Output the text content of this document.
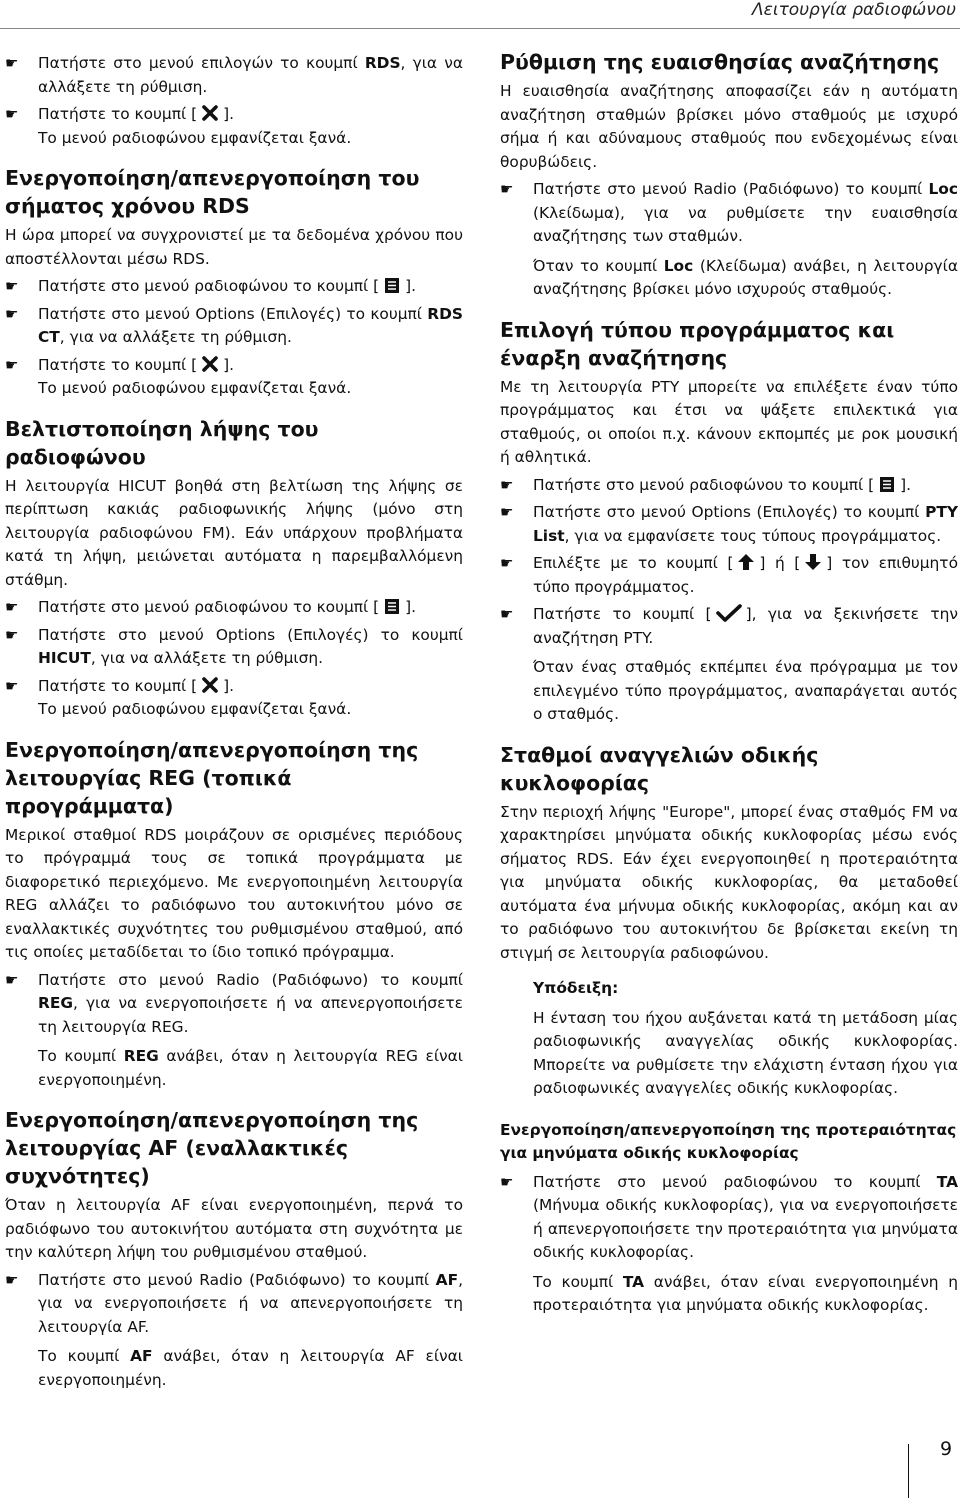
Λειτουργία ραδιοφώνου

☛ Πατήστε στο μενού επιλογών το κουμπί RDS, για να αλλάξετε τη ρύθμιση.

☛ Πατήστε το κουμπί [ ].
Το μενού ραδιοφώνου εμφανίζεται ξανά.

Ενεργοποίηση/απενεργοποίηση του σήματος χρόνου RDS

Η ώρα μπορεί να συγχρονιστεί με τα δεδομένα χρόνου που αποστέλλονται μέσω RDS.

☛ Πατήστε στο μενού ραδιοφώνου το κουμπί [ ].

☛ Πατήστε στο μενού Options (Επιλογές) το κουμπί RDS CT, για να αλλάξετε τη ρύθμιση.

☛ Πατήστε το κουμπί [ ].
Το μενού ραδιοφώνου εμφανίζεται ξανά.

Βελτιστοποίηση λήψης του ραδιοφώνου

Η λειτουργία HICUT βοηθά στη βελτίωση της λήψης σε περίπτωση κακιάς ραδιοφωνικής λήψης (μόνο στη λειτουργία ραδιοφώνου FM). Εάν υπάρχουν προβλήματα κατά τη λήψη, μειώνεται αυτόματα η παρεμβαλλόμενη στάθμη.

☛ Πατήστε στο μενού ραδιοφώνου το κουμπί [ ].

☛ Πατήστε στο μενού Options (Επιλογές) το κουμπί HICUT, για να αλλάξετε τη ρύθμιση.

☛ Πατήστε το κουμπί [ ].
Το μενού ραδιοφώνου εμφανίζεται ξανά.

Ενεργοποίηση/απενεργοποίηση της λειτουργίας REG (τοπικά προγράμματα)

Μερικοί σταθμοί RDS μοιράζουν σε ορισμένες περιόδους το πρόγραμμά τους σε τοπικά προγράμματα με διαφορετικό περιεχόμενο. Με ενεργοποιημένη λειτουργία REG αλλάζει το ραδιόφωνο του αυτοκινήτου μόνο σε εναλλακτικές συχνότητες του ρυθμισμένου σταθμού, από τις οποίες μεταδίδεται το ίδιο τοπικό πρόγραμμα.

☛ Πατήστε στο μενού Radio (Ραδιόφωνο) το κουμπί REG, για να ενεργοποιήσετε ή να απενεργοποιήσετε τη λειτουργία REG.

Το κουμπί REG ανάβει, όταν η λειτουργία REG είναι ενεργοποιημένη.

Ενεργοποίηση/απενεργοποίηση της λειτουργίας AF (εναλλακτικές συχνότητες)

Όταν η λειτουργία AF είναι ενεργοποιημένη, περνά το ραδιόφωνο του αυτοκινήτου αυτόματα στη συχνότητα με την καλύτερη λήψη του ρυθμισμένου σταθμού.

☛ Πατήστε στο μενού Radio (Ραδιόφωνο) το κουμπί AF, για να ενεργοποιήσετε ή να απενεργοποιήσετε τη λειτουργία AF.

Το κουμπί AF ανάβει, όταν η λειτουργία AF είναι ενεργοποιημένη.

Ρύθμιση της ευαισθησίας αναζήτησης

Η ευαισθησία αναζήτησης αποφασίζει εάν η αυτόματη αναζήτηση σταθμών βρίσκει μόνο σταθμούς με ισχυρό σήμα ή και αδύναμους σταθμούς που ενδεχομένως είναι θορυβώδεις.

☛ Πατήστε στο μενού Radio (Ραδιόφωνο) το κουμπί Loc (Κλείδωμα), για να ρυθμίσετε την ευαισθησία αναζήτησης των σταθμών.

Όταν το κουμπί Loc (Κλείδωμα) ανάβει, η λειτουργία αναζήτησης βρίσκει μόνο ισχυρούς σταθμούς.

Επιλογή τύπου προγράμματος και έναρξη αναζήτησης

Με τη λειτουργία PTY μπορείτε να επιλέξετε έναν τύπο προγράμματος και έτσι να ψάξετε επιλεκτικά για σταθμούς, οι οποίοι π.χ. κάνουν εκπομπές με ροκ μουσική ή αθλητικά.

☛ Πατήστε στο μενού ραδιοφώνου το κουμπί [ ].

☛ Πατήστε στο μενού Options (Επιλογές) το κουμπί PTY List, για να εμφανίσετε τους τύπους προγράμματος.

☛ Επιλέξτε με το κουμπί [ ] ή [ ] τον επιθυμητό τύπο προγράμματος.

☛ Πατήστε το κουμπί [ ], για να ξεκινήσετε την αναζήτηση PTY.

Όταν ένας σταθμός εκπέμπει ένα πρόγραμμα με τον επιλεγμένο τύπο προγράμματος, αναπαράγεται αυτός ο σταθμός.

Σταθμοί αναγγελιών οδικής κυκλοφορίας

Στην περιοχή λήψης "Europe", μπορεί ένας σταθμός FM να χαρακτηρίσει μηνύματα οδικής κυκλοφορίας μέσω ενός σήματος RDS. Εάν έχει ενεργοποιηθεί η προτεραιότητα για μηνύματα οδικής κυκλοφορίας, θα μεταδοθεί αυτόματα ένα μήνυμα οδικής κυκλοφορίας, ακόμη και αν το ραδιόφωνο του αυτοκινήτου δε βρίσκεται εκείνη τη στιγμή σε λειτουργία ραδιοφώνου.

Υπόδειξη:

Η ένταση του ήχου αυξάνεται κατά τη μετάδοση μίας ραδιοφωνικής αναγγελίας οδικής κυκλοφορίας. Μπορείτε να ρυθμίσετε την ελάχιστη ένταση ήχου για ραδιοφωνικές αναγγελίες οδικής κυκλοφορίας.

Ενεργοποίηση/απενεργοποίηση της προτεραιότητας για μηνύματα οδικής κυκλοφορίας

☛ Πατήστε στο μενού ραδιοφώνου το κουμπί TA (Μήνυμα οδικής κυκλοφορίας), για να ενεργοποιήσετε ή απενεργοποιήσετε την προτεραιότητα για μηνύματα οδικής κυκλοφορίας.

Το κουμπί TA ανάβει, όταν είναι ενεργοποιημένη η προτεραιότητα για μηνύματα οδικής κυκλοφορίας.

9
